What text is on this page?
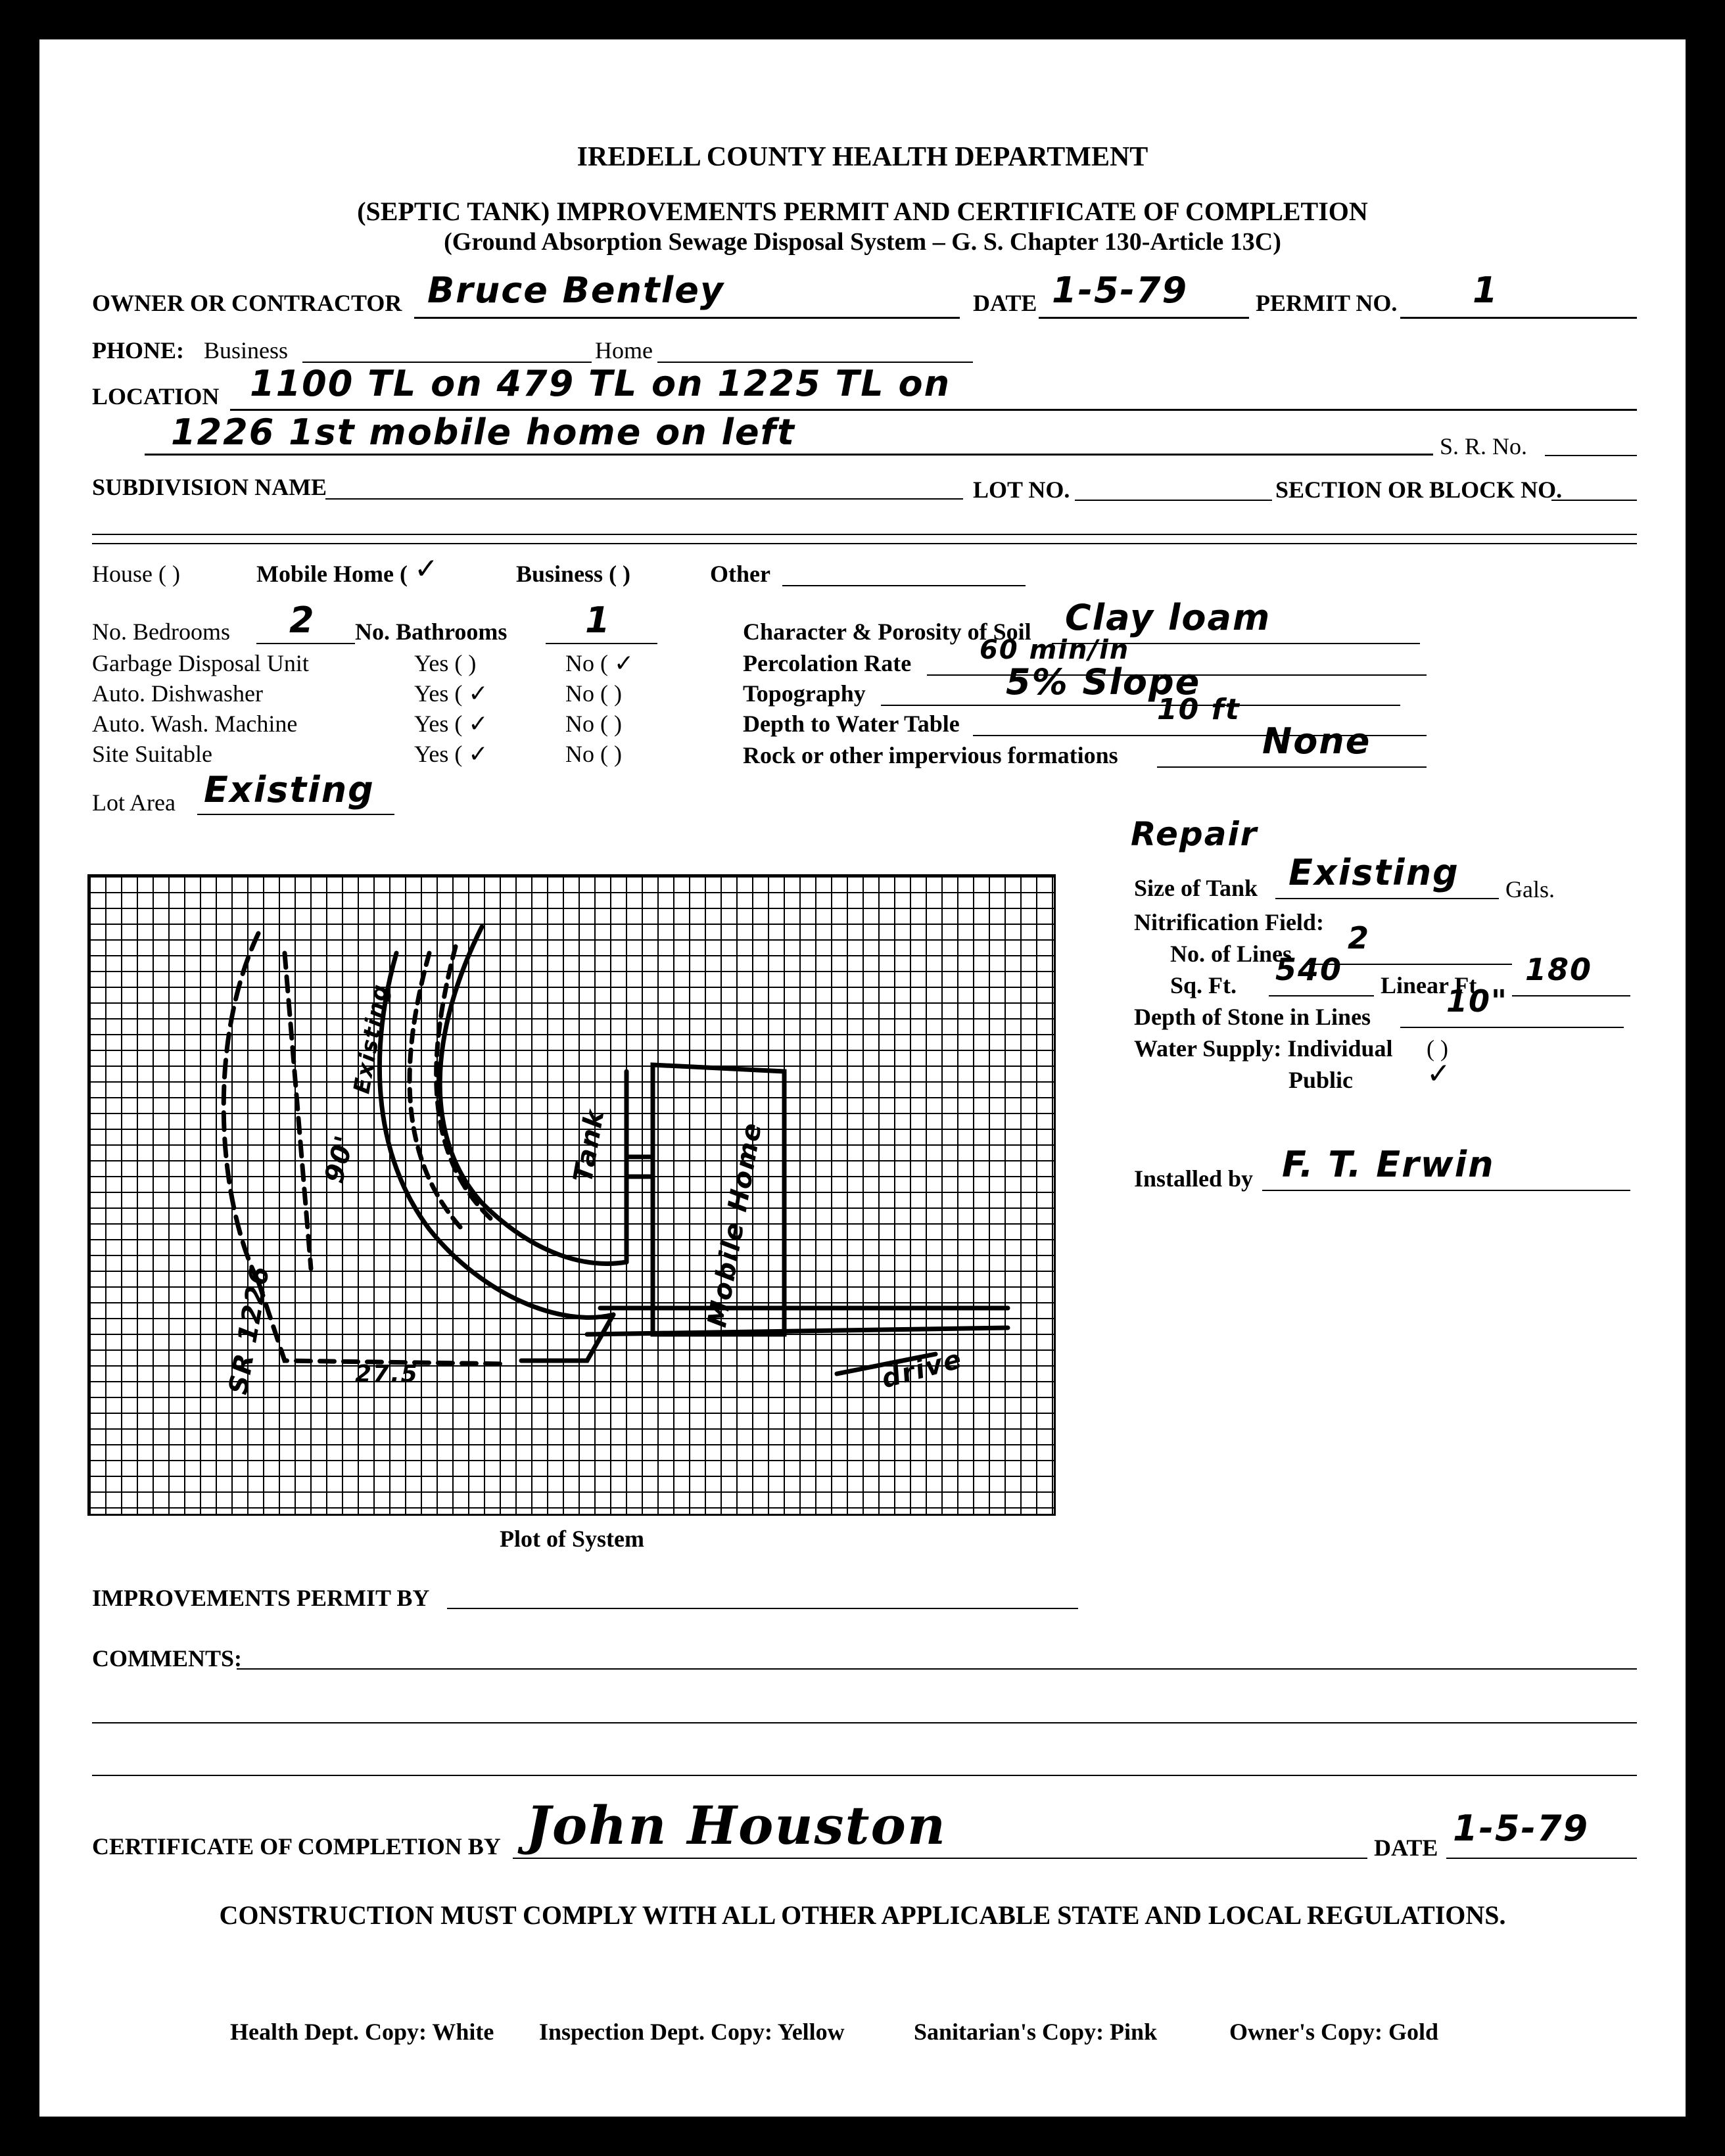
IREDELL COUNTY HEALTH DEPARTMENT
(SEPTIC TANK) IMPROVEMENTS PERMIT AND CERTIFICATE OF COMPLETION
(Ground Absorption Sewage Disposal System – G. S. Chapter 130-Article 13C)
OWNER OR CONTRACTOR Bruce Bentley	DATE 1-5-79	PERMIT NO. 1
PHONE: Business	Home
LOCATION 1100 TL on 479 TL on 1225 TL on
1226 1st mobile home on left	S. R. No.
SUBDIVISION NAME	LOT NO.	SECTION OR BLOCK NO.
House ( )	Mobile Home ( ✓	Business ( )	Other
No. Bedrooms 2 No. Bathrooms 1
Garbage Disposal Unit	Yes ( )	No ( ✓
Auto. Dishwasher	Yes ( ✓	No ( )
Auto. Wash. Machine	Yes ( ✓	No ( )
Site Suitable	Yes ( ✓	No ( )
Lot Area Existing
Character & Porosity of Soil Clay loam
Percolation Rate	60 min/in
Topography	5% Slope
Depth to Water Table	10 ft
Rock or other impervious formations	None
Existing
Tank	Mobile Home
90'
SR 1226	27.5	drive
Plot of System
Repair
Size of Tank Existing Gals.
Nitrification Field:
No. of Lines 2
Sq. Ft. 540 Linear Ft. 180
Depth of Stone in Lines 10"
Water Supply: Individual ( )
Public	✓
Installed by F. T. Erwin
IMPROVEMENTS PERMIT BY
COMMENTS:
CERTIFICATE OF COMPLETION BY John Houston	DATE 1-5-79
CONSTRUCTION MUST COMPLY WITH ALL OTHER APPLICABLE STATE AND LOCAL REGULATIONS.
Health Dept. Copy: White Inspection Dept. Copy: Yellow	Sanitarian's Copy: Pink	Owner's Copy: Gold
